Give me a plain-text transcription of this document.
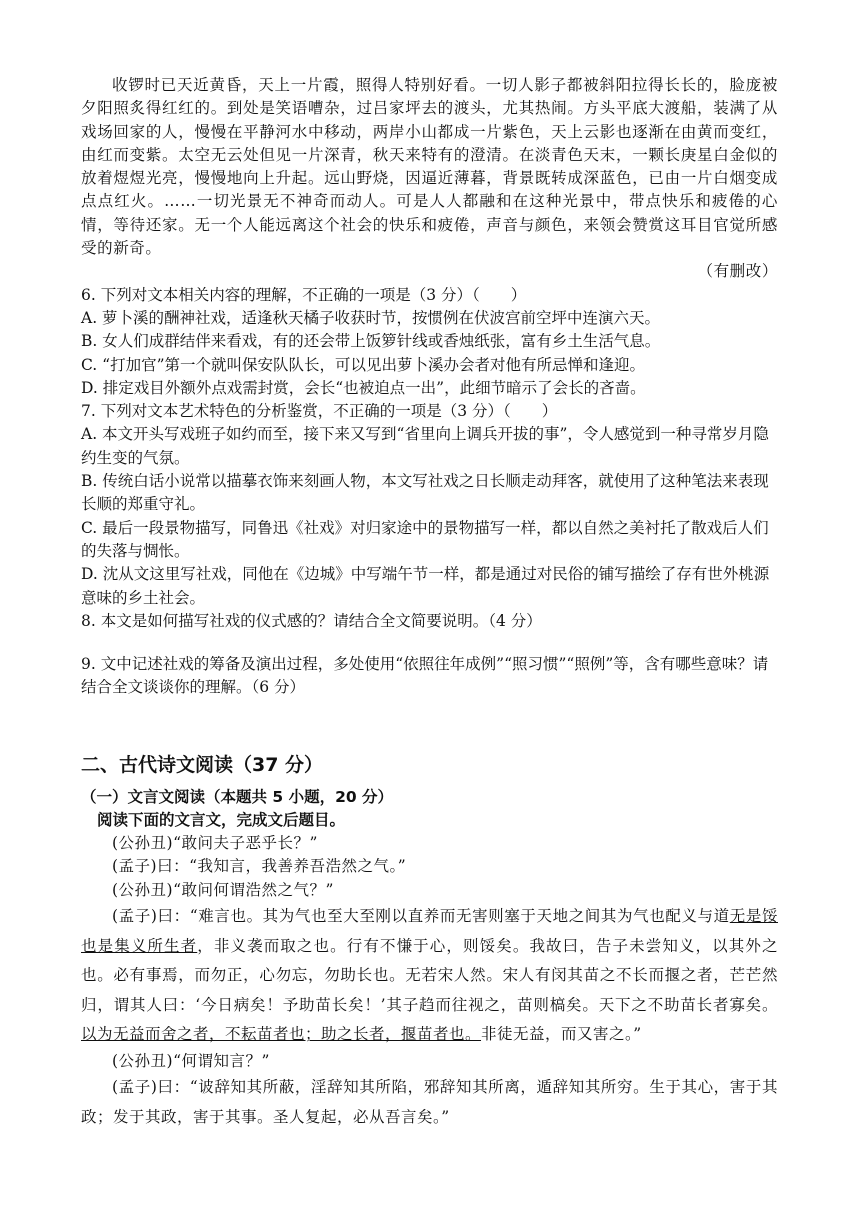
收锣时已天近黄昏，天上一片霞，照得人特别好看。一切人影子都被斜阳拉得长长的，脸庞被夕阳照炙得红红的。到处是笑语嘈杂，过吕家坪去的渡头，尤其热闹。方头平底大渡船，装满了从戏场回家的人，慢慢在平静河水中移动，两岸小山都成一片紫色，天上云影也逐渐在由黄而变红，由红而变紫。太空无云处但见一片深青，秋天来特有的澄清。在淡青色天末，一颗长庚星白金似的放着煜煜光亮，慢慢地向上升起。远山野烧，因逼近薄暮，背景既转成深蓝色，已由一片白烟变成点点红火。……一切光景无不神奇而动人。可是人人都融和在这种光景中，带点快乐和疲倦的心情，等待还家。无一个人能远离这个社会的快乐和疲倦，声音与颜色，来领会赞赏这耳目官觉所感受的新奇。

（有删改）

6. 下列对文本相关内容的理解，不正确的一项是（3 分）（　　）

A. 萝卜溪的酬神社戏，适逢秋天橘子收获时节，按惯例在伏波宫前空坪中连演六天。

B. 女人们成群结伴来看戏，有的还会带上饭箩针线或香烛纸张，富有乡土生活气息。

C. “打加官”第一个就叫保安队队长，可以见出萝卜溪办会者对他有所忌惮和逢迎。

D. 排定戏目外额外点戏需封赏，会长“也被迫点一出”，此细节暗示了会长的吝啬。

7. 下列对文本艺术特色的分析鉴赏，不正确的一项是（3 分）（　　）

A. 本文开头写戏班子如约而至，接下来又写到“省里向上调兵开拔的事”，令人感觉到一种寻常岁月隐约生变的气氛。

B. 传统白话小说常以描摹衣饰来刻画人物，本文写社戏之日长顺走动拜客，就使用了这种笔法来表现长顺的郑重守礼。

C. 最后一段景物描写，同鲁迅《社戏》对归家途中的景物描写一样，都以自然之美衬托了散戏后人们的失落与惆怅。

D. 沈从文这里写社戏，同他在《边城》中写端午节一样，都是通过对民俗的铺写描绘了存有世外桃源意味的乡土社会。

8. 本文是如何描写社戏的仪式感的？请结合全文简要说明。（4 分）

9. 文中记述社戏的筹备及演出过程，多处使用“依照往年成例”“照习惯”“照例”等，含有哪些意味？请结合全文谈谈你的理解。（6 分）

二、古代诗文阅读（37 分）

（一）文言文阅读（本题共 5 小题，20 分）

阅读下面的文言文，完成文后题目。

(公孙丑)“敢问夫子恶乎长？”

(孟子)曰：“我知言，我善养吾浩然之气。”

(公孙丑)“敢问何谓浩然之气？”

(孟子)曰：“难言也。其为气也至大至刚以直养而无害则塞于天地之间其为气也配义与道无是馁也是集义所生者，非义袭而取之也。行有不慊于心，则馁矣。我故曰，告子未尝知义，以其外之也。必有事焉，而勿正，心勿忘，勿助长也。无若宋人然。宋人有闵其苗之不长而揠之者，芒芒然归，谓其人曰：‘今日病矣！予助苗长矣！’其子趋而往视之，苗则槁矣。天下之不助苗长者寡矣。以为无益而舍之者，不耘苗者也；助之长者，揠苗者也。非徒无益，而又害之。”

(公孙丑)“何谓知言？”

(孟子)曰：“诐辞知其所蔽，淫辞知其所陷，邪辞知其所离，遁辞知其所穷。生于其心，害于其政；发于其政，害于其事。圣人复起，必从吾言矣。”
